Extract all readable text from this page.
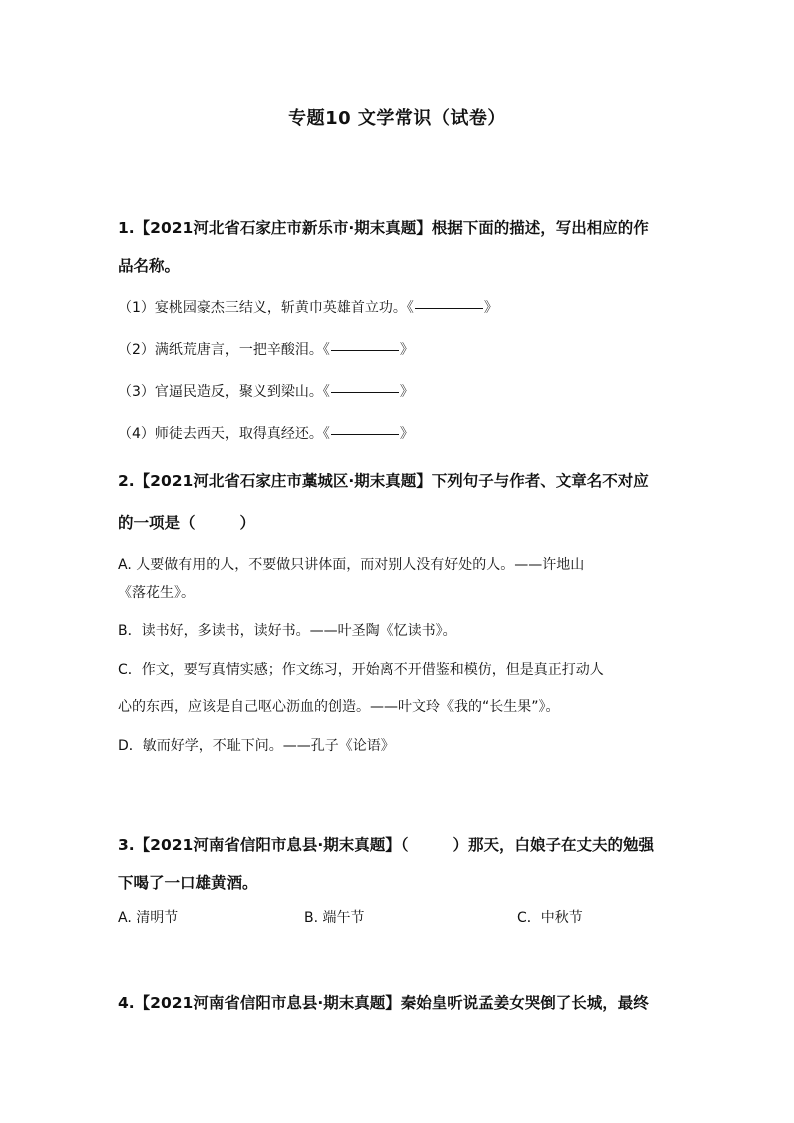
专题10 文学常识（试卷）

1.【2021河北省石家庄市新乐市·期末真题】根据下面的描述，写出相应的作

品名称。

（1）宴桃园豪杰三结义，斩黄巾英雄首立功。《	》

（2）满纸荒唐言，一把辛酸泪。《	》

（3）官逼民造反，聚义到梁山。《	》

（4）师徒去西天，取得真经还。《	》

2.【2021河北省石家庄市藁城区·期末真题】下列句子与作者、文章名不对应

的一项是（	）

A. 人要做有用的人，不要做只讲体面，而对别人没有好处的人。——许地山

《落花生》。

B．读书好，多读书，读好书。——叶圣陶《忆读书》。

C．作文，要写真情实感；作文练习，开始离不开借鉴和模仿，但是真正打动人

心的东西，应该是自己呕心沥血的创造。——叶文玲《我的“长生果”》。

D．敏而好学，不耻下问。——孔子《论语》

3.【2021河南省信阳市息县·期末真题】（	）那天，白娘子在丈夫的勉强

下喝了一口雄黄酒。

A. 清明节	B. 端午节	C．中秋节

4.【2021河南省信阳市息县·期末真题】秦始皇听说孟姜女哭倒了长城，最终
